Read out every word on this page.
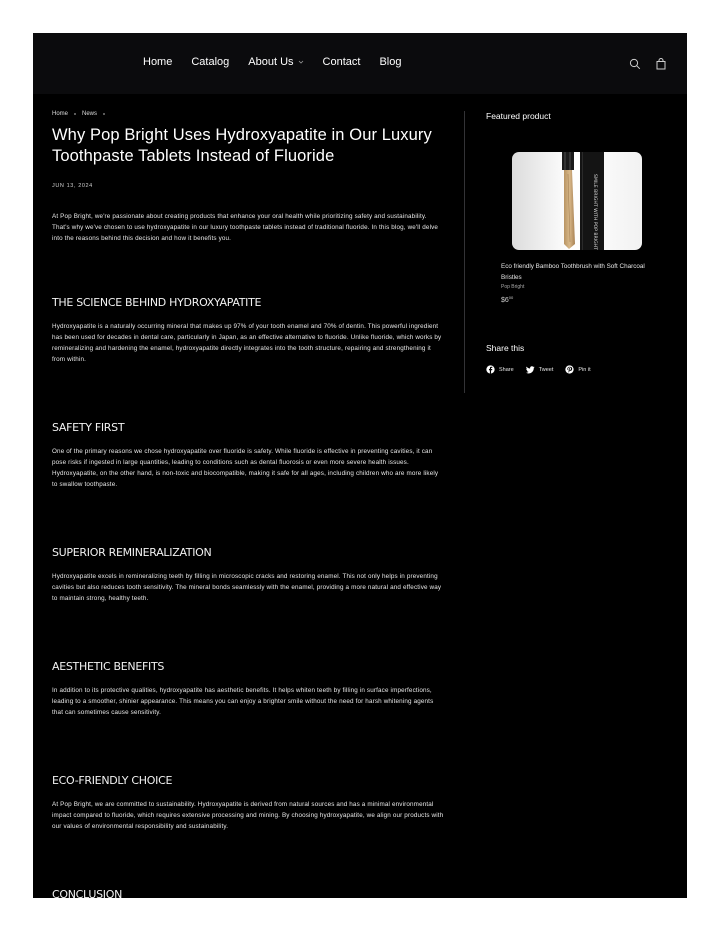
Home Catalog About Us	Contact Blog
Home News
Why Pop Bright Uses Hydroxyapatite in Our Luxury Toothpaste Tablets Instead of Fluoride
JUN 13, 2024

At Pop Bright, we're passionate about creating products that enhance your oral health while prioritizing safety and sustainability. That's why we've chosen to use hydroxyapatite in our luxury toothpaste tablets instead of traditional fluoride. In this blog, we'll delve into the reasons behind this decision and how it benefits you.

THE SCIENCE BEHIND HYDROXYAPATITE

Hydroxyapatite is a naturally occurring mineral that makes up 97% of your tooth enamel and 70% of dentin. This powerful ingredient has been used for decades in dental care, particularly in Japan, as an effective alternative to fluoride. Unlike fluoride, which works by remineralizing and hardening the enamel, hydroxyapatite directly integrates into the tooth structure, repairing and strengthening it from within.

SAFETY FIRST

One of the primary reasons we chose hydroxyapatite over fluoride is safety. While fluoride is effective in preventing cavities, it can pose risks if ingested in large quantities, leading to conditions such as dental fluorosis or even more severe health issues. Hydroxyapatite, on the other hand, is non-toxic and biocompatible, making it safe for all ages, including children who are more likely to swallow toothpaste.

SUPERIOR REMINERALIZATION

Hydroxyapatite excels in remineralizing teeth by filling in microscopic cracks and restoring enamel. This not only helps in preventing cavities but also reduces tooth sensitivity. The mineral bonds seamlessly with the enamel, providing a more natural and effective way to maintain strong, healthy teeth.

AESTHETIC BENEFITS

In addition to its protective qualities, hydroxyapatite has aesthetic benefits. It helps whiten teeth by filling in surface imperfections, leading to a smoother, shinier appearance. This means you can enjoy a brighter smile without the need for harsh whitening agents that can sometimes cause sensitivity.

ECO-FRIENDLY CHOICE

At Pop Bright, we are committed to sustainability. Hydroxyapatite is derived from natural sources and has a minimal environmental impact compared to fluoride, which requires extensive processing and mining. By choosing hydroxyapatite, we align our products with our values of environmental responsibility and sustainability.

CONCLUSION
Featured product
SMILE BRIGHT WITH POP BRIGHT
Eco friendly Bamboo Toothbrush with Soft Charcoal Bristles
Pop Bright
$\$6^{00}$
Share this
Share	Tweet	Pin it
